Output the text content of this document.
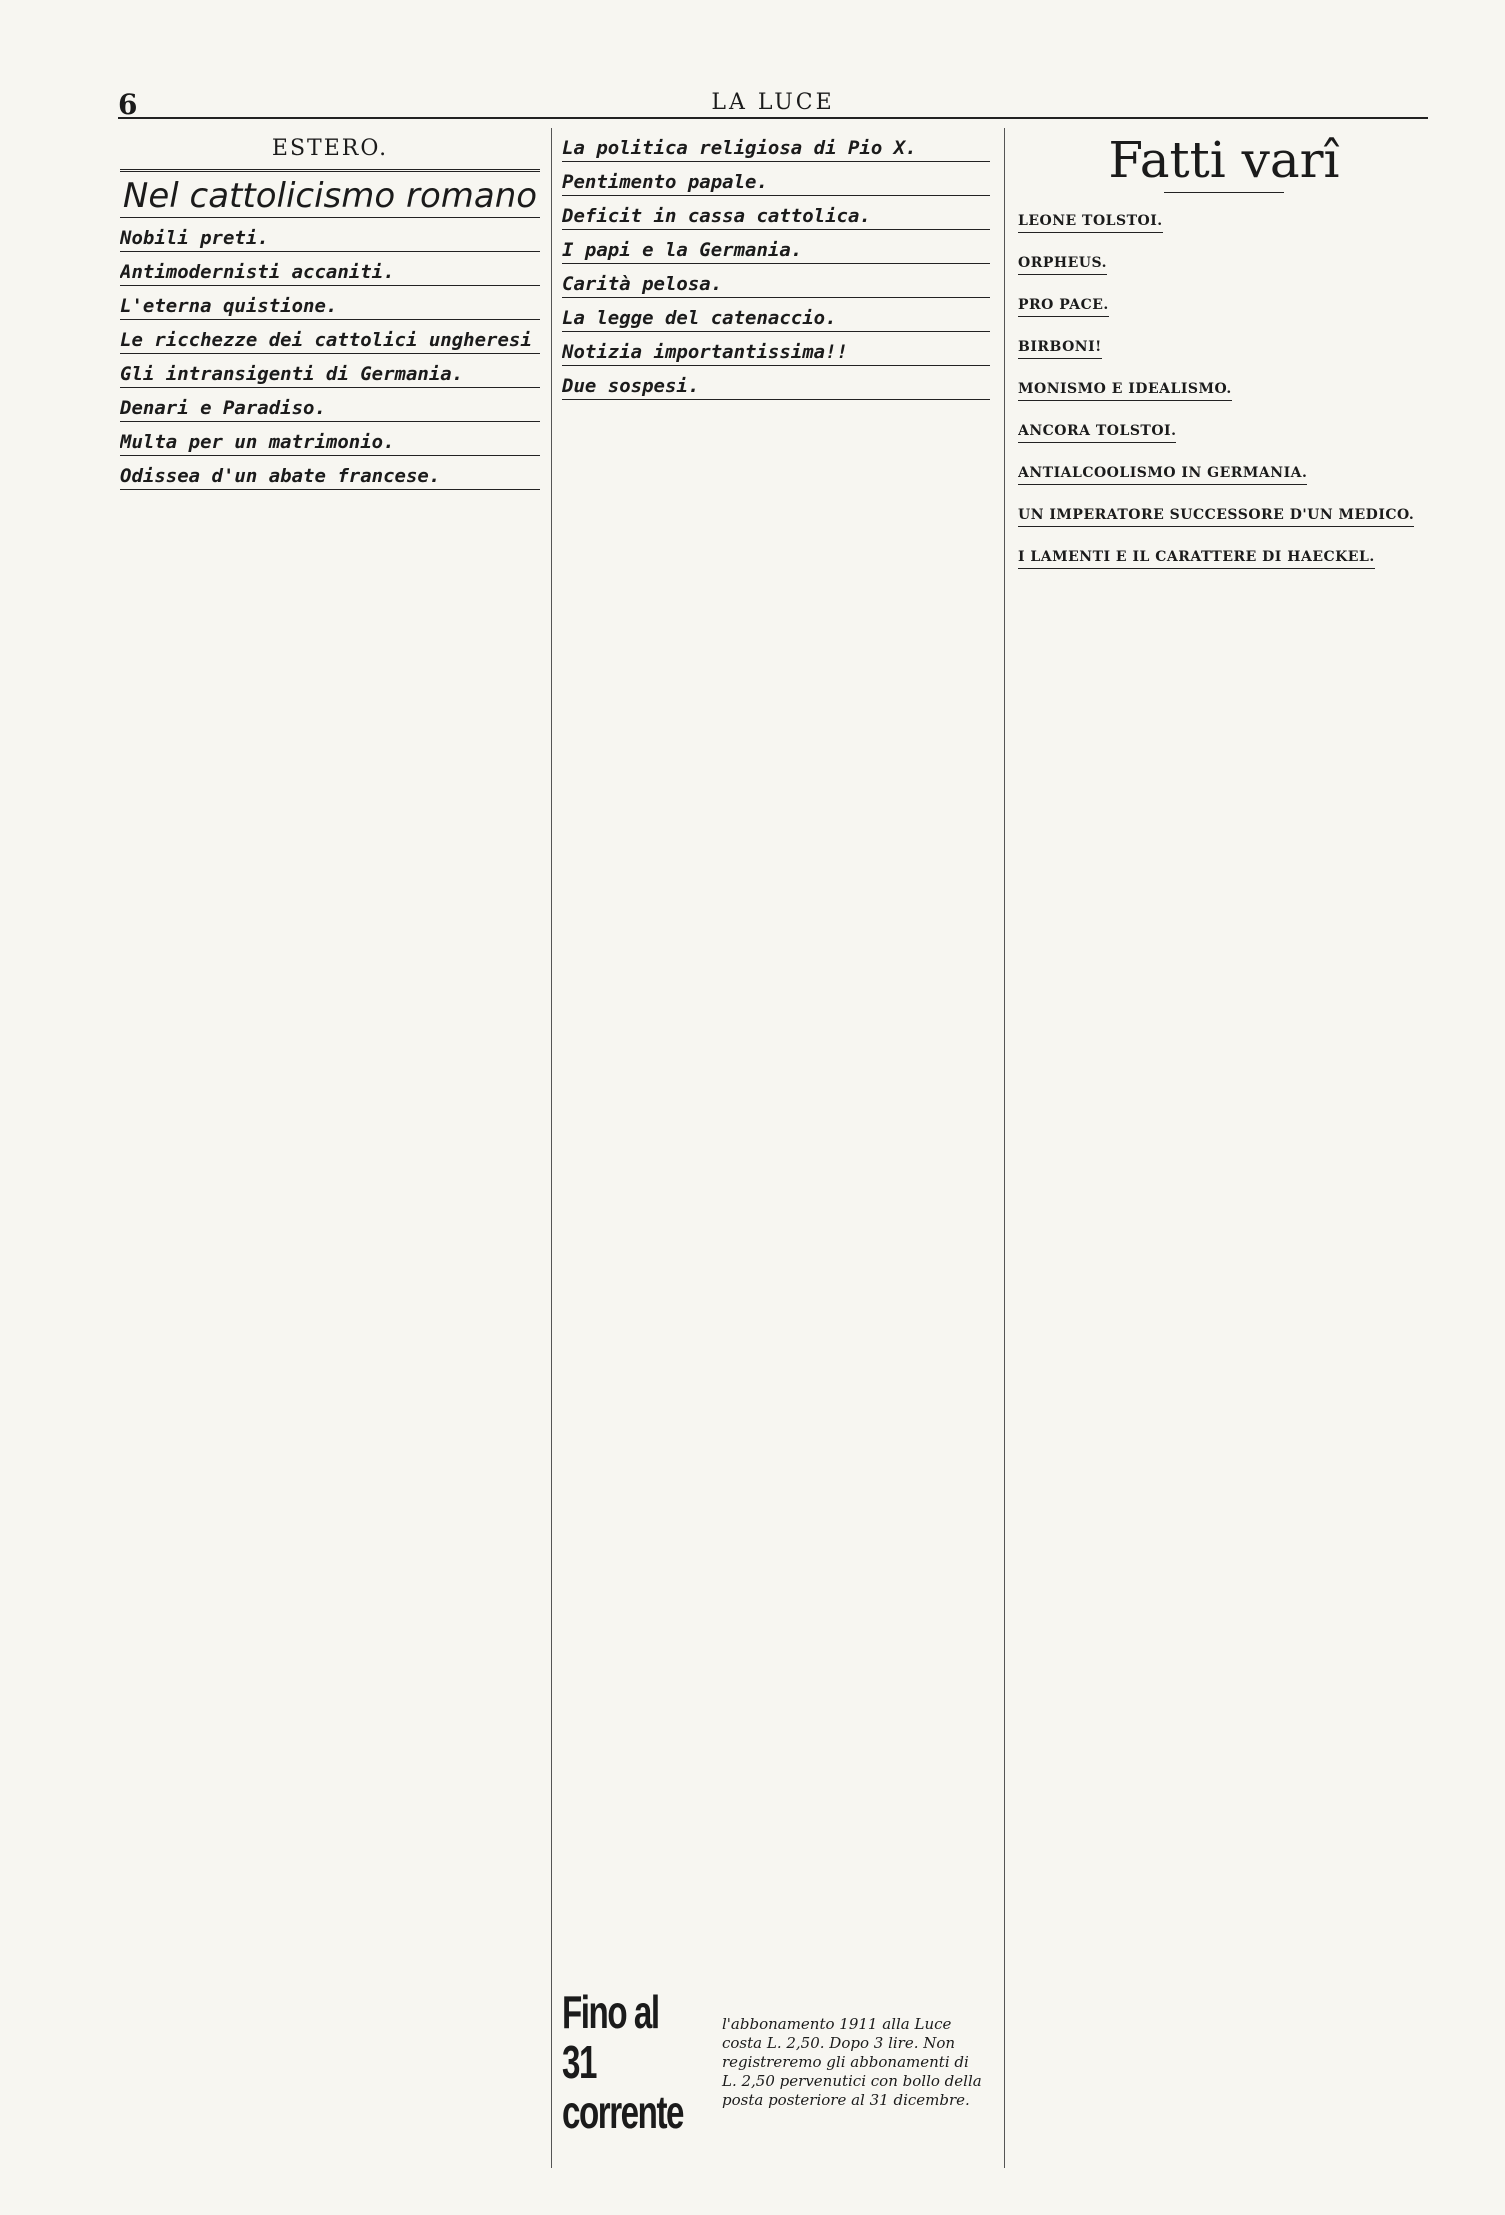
6	LA LUCE

ESTERO.
Nel cattolicismo romano
Nobili preti.

Antimodernisti accaniti.

L'eterna quistione.

Le ricchezze dei cattolici ungheresi

Gli intransigenti di Germania.

Denari e Paradiso.

Multa per un matrimonio.

Odissea d'un abate francese.

La politica religiosa di Pio X.

Pentimento papale.

Deficit in cassa cattolica.

I papi e la Germania.

Carità pelosa.

La legge del catenaccio.

Notizia importantissima!!

Due sospesi.

Fino al 31 corrente
l'abbonamento 1911 alla Luce costa L. 2,50. Dopo 3 lire. Non registreremo gli abbonamenti di L. 2,50 pervenutici con bollo della posta posteriore al 31 dicembre.
Fatti varî
LEONE TOLSTOI.

ORPHEUS.

PRO PACE.

BIRBONI!

MONISMO E IDEALISMO.

ANCORA TOLSTOI.

ANTIALCOOLISMO IN GERMANIA.

UN IMPERATORE SUCCESSORE D'UN MEDICO.

I LAMENTI E IL CARATTERE DI HAECKEL.
